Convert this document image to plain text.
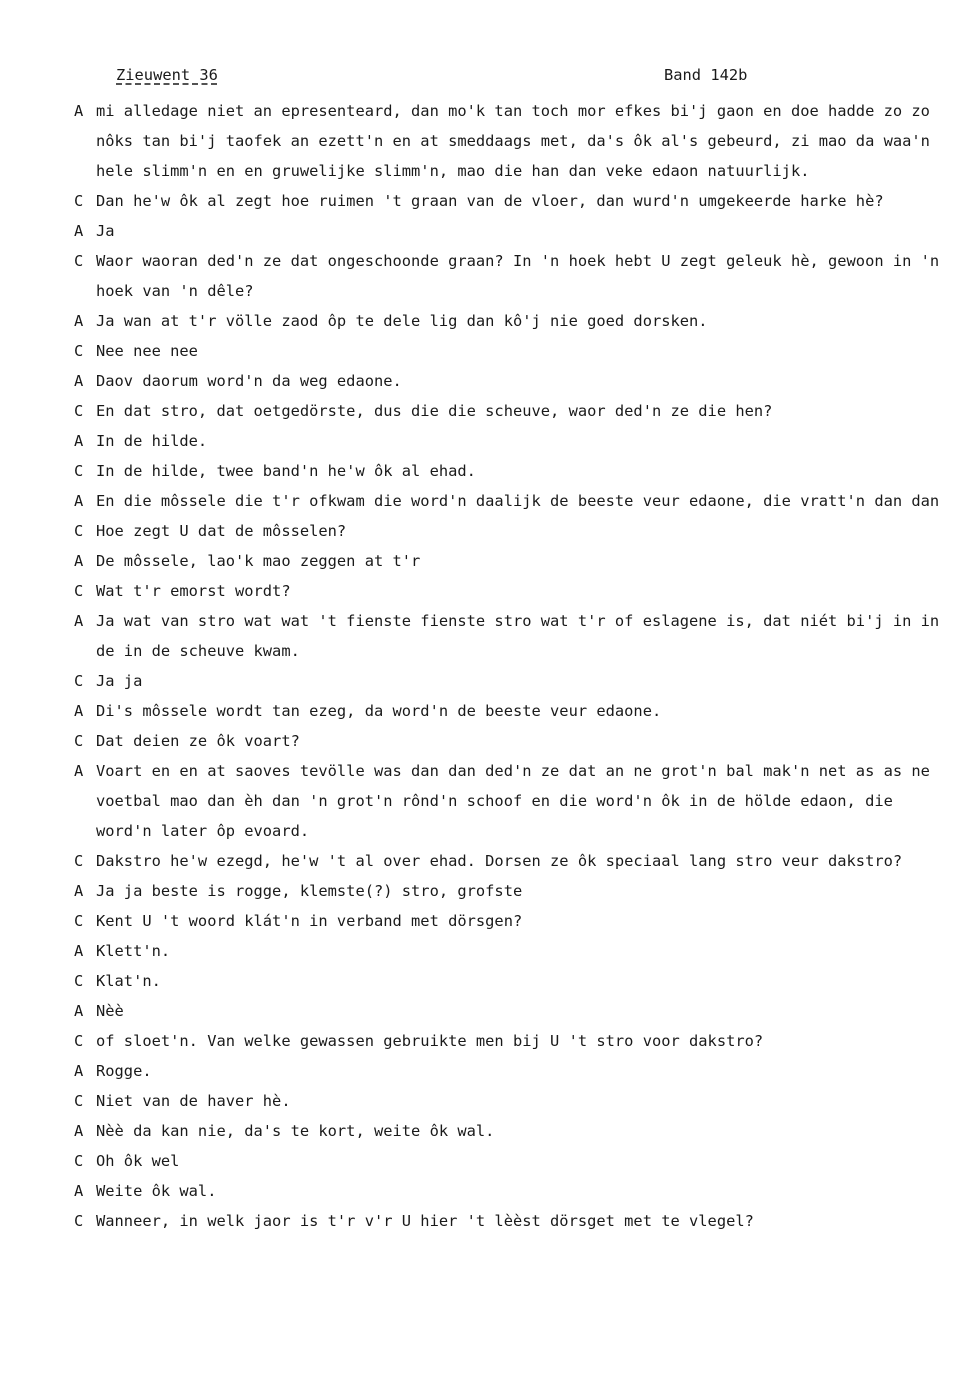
Zieuwent 36	Band 142b
A mi alledage niet an epresenteard, dan mo'k tan toch mor efkes bi'j gaon en doe hadde zo zo nôks tan bi'j taofek an ezett'n en at smeddaags met, da's ôk al's gebeurd, zi mao da waa'n hele slimm'n en en gruwelijke slimm'n, mao die han dan veke edaon natuurlijk.
C Dan he'w ôk al zegt hoe ruimen 't graan van de vloer, dan wurd'n umgekeerde harke hè?
A Ja
C Waor waoran ded'n ze dat ongeschoonde graan? In 'n hoek hebt U zegt geleuk hè, gewoon in 'n hoek van 'n dêle?
A Ja wan at t'r völle zaod ôp te dele lig dan kô'j nie goed dorsken.
C Nee nee nee
A Daov daorum word'n da weg edaone.
C En dat stro, dat oetgedörste, dus die die scheuve, waor ded'n ze die hen?
A In de hilde.
C In de hilde, twee band'n he'w ôk al ehad.
A En die môssele die t'r ofkwam die word'n daalijk de beeste veur edaone, die vratt'n dan dan
C Hoe zegt U dat de môsselen?
A De môssele, lao'k mao zeggen at t'r
C Wat t'r emorst wordt?
A Ja wat van stro wat wat 't fienste fienste stro wat t'r of eslagene is, dat niét bi'j in in de in de scheuve kwam.
C Ja ja
A Di's môssele wordt tan ezeg, da word'n de beeste veur edaone.
C Dat deien ze ôk voart?
A Voart en en at saoves tevölle was dan dan ded'n ze dat an ne grot'n bal mak'n net as as ne voetbal mao dan èh dan 'n grot'n rônd'n schoof en die word'n ôk in de hölde edaon, die word'n later ôp evoard.
C Dakstro he'w ezegd, he'w 't al over ehad. Dorsen ze ôk speciaal lang stro veur dakstro?
A Ja ja beste is rogge, klemste(?) stro, grofste
C Kent U 't woord klát'n in verband met dörsgen?
A Klett'n.
C Klat'n.
A Nèè
C of sloet'n. Van welke gewassen gebruikte men bij U 't stro voor dakstro?
A Rogge.
C Niet van de haver hè.
A Nèè da kan nie, da's te kort, weite ôk wal.
C Oh ôk wel
A Weite ôk wal.
C Wanneer, in welk jaor is t'r v'r U hier 't lèèst dörsget met te vlegel?
